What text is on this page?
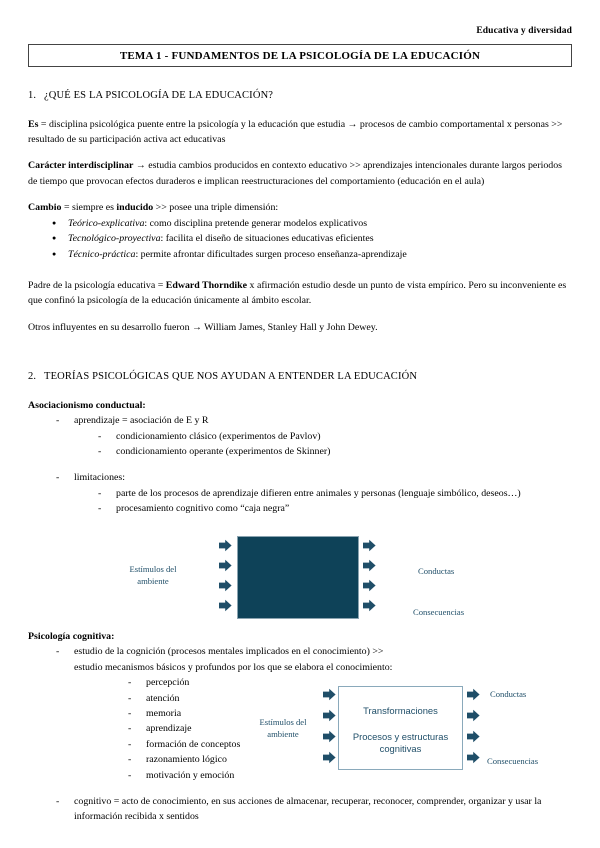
Educativa y diversidad
TEMA 1 - FUNDAMENTOS DE LA PSICOLOGÍA DE LA EDUCACIÓN
1. ¿QUÉ ES LA PSICOLOGÍA DE LA EDUCACIÓN?

Es = disciplina psicológica puente entre la psicología y la educación que estudia → procesos de cambio comportamental x personas >> resultado de su participación activa act educativas

Carácter interdisciplinar → estudia cambios producidos en contexto educativo >> aprendizajes intencionales durante largos periodos de tiempo que provocan efectos duraderos e implican reestructuraciones del comportamiento (educación en el aula)

Cambio = siempre es inducido >> posee una triple dimensión:

● Teórico-explicativa: como disciplina pretende generar modelos explicativos
● Tecnológico-proyectiva: facilita el diseño de situaciones educativas eficientes
● Técnico-práctica: permite afrontar dificultades surgen proceso enseñanza-aprendizaje

Padre de la psicología educativa = Edward Thorndike x afirmación estudio desde un punto de vista empírico. Pero su inconveniente es que confinó la psicología de la educación únicamente al ámbito escolar.

Otros influyentes en su desarrollo fueron → William James, Stanley Hall y John Dewey.

2. TEORÍAS PSICOLÓGICAS QUE NOS AYUDAN A ENTENDER LA EDUCACIÓN
Asociacionismo conductual:
- aprendizaje = asociación de E y R
- condicionamiento clásico (experimentos de Pavlov)
- condicionamiento operante (experimentos de Skinner)
- limitaciones:
- parte de los procesos de aprendizaje difieren entre animales y personas (lenguaje simbólico, deseos…)
- procesamiento cognitivo como “caja negra”
Estímulos del
ambiente
Conductas
Consecuencias
Psicología cognitiva:
- estudio de la cognición (procesos mentales implicados en el conocimiento) >> estudio mecanismos básicos y profundos por los que se elabora el conocimiento:
- percepción
- atención
- memoria
- aprendizaje
- formación de conceptos
- razonamiento lógico
- motivación y emoción
- cognitivo = acto de conocimiento, en sus acciones de almacenar, recuperar, reconocer, comprender, organizar y usar la información recibida x sentidos
Estímulos del
ambiente
Transformaciones
Procesos y estructuras
cognitivas
Conductas
Consecuencias
